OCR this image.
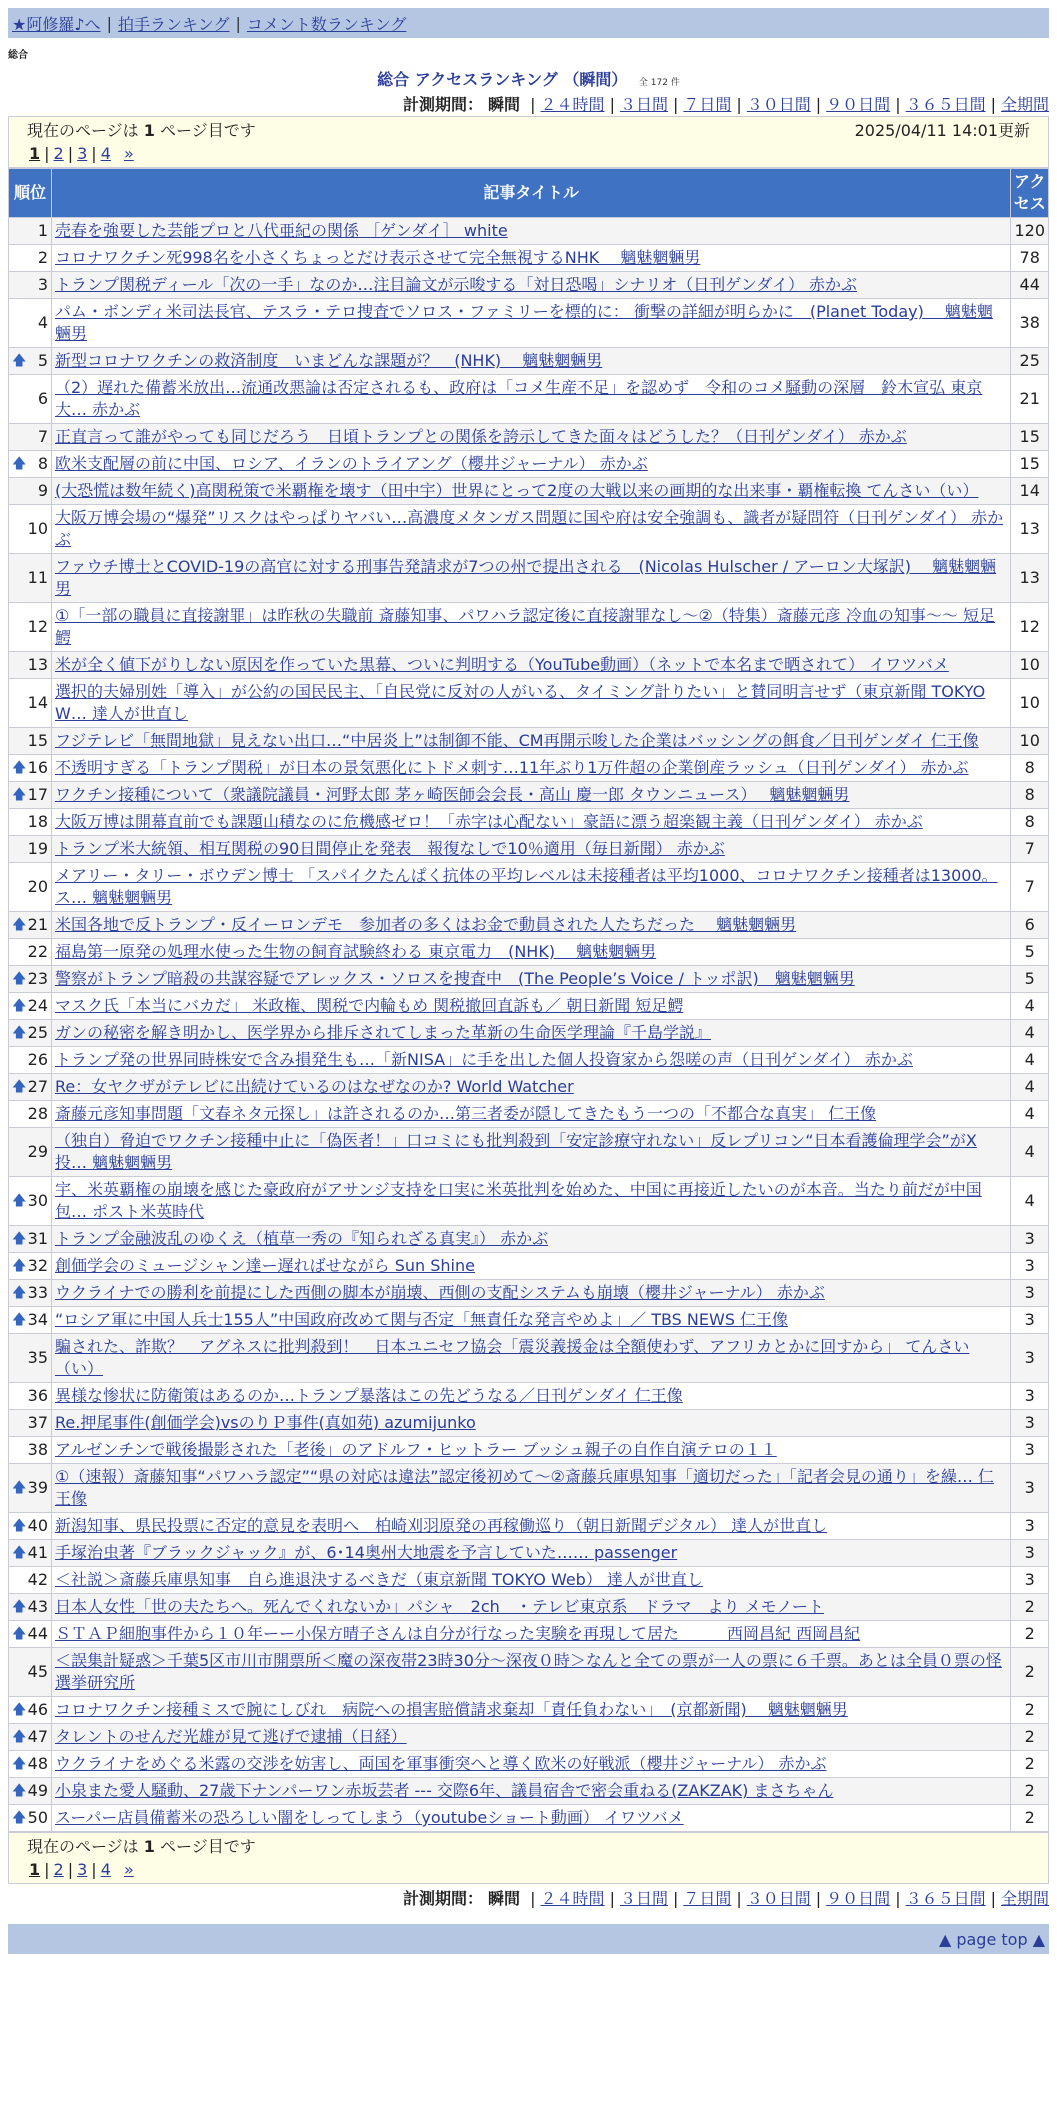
★阿修羅♪へ | 拍手ランキング | コメント数ランキング
総合
総合 アクセスランキング （瞬間） 全 172 件
計測期間： 瞬間 | ２４時間 | ３日間 | ７日間 | ３０日間 | ９０日間 | ３６５日間 | 全期間
現在のページは 1 ページ目です	2025/04/11 14:01更新
1 | 2 | 3 | 4 »
順位	記事タイトル	アクセス
1	売春を強要した芸能プロと八代亜紀の関係 ［ゲンダイ］ white	120
2	コロナワクチン死998名を小さくちょっとだけ表示させて完全無視するNHK　 魑魅魍魎男	78
3	トランプ関税ディール「次の一手」なのか…注目論文が示唆する「対日恐喝」シナリオ（日刊ゲンダイ） 赤かぶ	44
4	パム・ボンディ米司法長官、テスラ・テロ捜査でソロス・ファミリーを標的に： 衝撃の詳細が明らかに　(Planet Today)　 魑魅魍魎男	38

🡅 5	新型コロナワクチンの救済制度　いまどんな課題が？　(NHK)　 魑魅魍魎男	25
6	（2）遅れた備蓄米放出…流通改悪論は否定されるも、政府は「コメ生産不足」を認めず　令和のコメ騒動の深層　鈴木宣弘 東京大… 赤かぶ	21
7	正直言って誰がやっても同じだろう　日頃トランプとの関係を誇示してきた面々はどうした？（日刊ゲンダイ） 赤かぶ	15

🡅 8	欧米支配層の前に中国、ロシア、イランのトライアング（櫻井ジャーナル） 赤かぶ	15
9	(大恐慌は数年続く)高関税策で米覇権を壊す（田中宇）世界にとって2度の大戦以来の画期的な出来事・覇権転換 てんさい（い）	14
10	大阪万博会場の“爆発”リスクはやっぱりヤバい…高濃度メタンガス問題に国や府は安全強調も、識者が疑問符（日刊ゲンダイ） 赤かぶ	13
11	ファウチ博士とCOVID-19の高官に対する刑事告発請求が7つの州で提出される　(Nicolas Hulscher / アーロン大塚訳)　 魑魅魍魎男	13
12	①「一部の職員に直接謝罪」は昨秋の失職前 斎藤知事、パワハラ認定後に直接謝罪なし～②（特集）斎藤元彦 冷血の知事～～ 短足鰐	12
13	米が全く値下がりしない原因を作っていた黒幕、ついに判明する（YouTube動画）（ネットで本名まで晒されて） イワツバメ	10
14	選択的夫婦別姓「導入」が公約の国民民主、「自民党に反対の人がいる、タイミング計りたい」と賛同明言せず（東京新聞 TOKYO W… 達人が世直し	10
15	フジテレビ「無間地獄」見えない出口…“中居炎上”は制御不能、CM再開示唆した企業はバッシングの餌食／日刊ゲンダイ 仁王像	10

🡅 16	不透明すぎる「トランプ関税」が日本の景気悪化にトドメ刺す…11年ぶり1万件超の企業倒産ラッシュ（日刊ゲンダイ） 赤かぶ	8

🡅 17	ワクチン接種について（衆議院議員・河野太郎 茅ヶ崎医師会会長・高山 慶一郎 タウンニュース）　 魑魅魍魎男	8
18	大阪万博は開幕直前でも課題山積なのに危機感ゼロ！「赤字は心配ない」豪語に漂う超楽観主義（日刊ゲンダイ） 赤かぶ	8
19	トランプ米大統領、相互関税の90日間停止を発表　報復なしで10％適用（毎日新聞） 赤かぶ	7
20	メアリー・タリー・ボウデン博士 「スパイクたんぱく抗体の平均レベルは未接種者は平均1000、コロナワクチン接種者は13000。ス… 魑魅魍魎男	7

🡅 21	米国各地で反トランプ・反イーロンデモ　参加者の多くはお金で動員された人たちだった　 魑魅魍魎男	6
22	福島第一原発の処理水使った生物の飼育試験終わる 東京電力　(NHK)　 魑魅魍魎男	5

🡅 23	警察がトランプ暗殺の共謀容疑でアレックス・ソロスを捜査中　(The People’s Voice / トッポ訳)　魑魅魍魎男	5

🡅 24	マスク氏「本当にバカだ」 米政権、関税で内輪もめ 関税撤回直訴も／ 朝日新聞 短足鰐	4

🡅 25	ガンの秘密を解き明かし、医学界から排斥されてしまった革新の生命医学理論『千島学説』	4
26	トランプ発の世界同時株安で含み損発生も…「新NISA」に手を出した個人投資家から怨嗟の声（日刊ゲンダイ） 赤かぶ	4

🡅 27	Re：女ヤクザがテレビに出続けているのはなぜなのか? World Watcher	4
28	斎藤元彦知事問題「文春ネタ元探し」は許されるのか…第三者委が隠してきたもう一つの「不都合な真実」 仁王像	4
29	（独自）脅迫でワクチン接種中止に「偽医者！」口コミにも批判殺到「安定診療守れない」反レプリコン“日本看護倫理学会”がX投… 魑魅魍魎男	4

🡅 30	宇、米英覇権の崩壊を感じた豪政府がアサンジ支持を口実に米英批判を始めた、中国に再接近したいのが本音。当たり前だが中国包… ポスト米英時代	4

🡅 31	トランプ金融波乱のゆくえ（植草一秀の『知られざる真実』） 赤かぶ	3

🡅 32	創価学会のミュージシャン達ー遅ればせながら Sun Shine	3

🡅 33	ウクライナでの勝利を前提にした西側の脚本が崩壊、西側の支配システムも崩壊（櫻井ジャーナル） 赤かぶ	3

🡅 34	“ロシア軍に中国人兵士155人”中国政府改めて関与否定「無責任な発言やめよ」／ TBS NEWS 仁王像	3
35	騙された、詐欺？　アグネスに批判殺到！　日本ユニセフ協会「震災義援金は全額使わず、アフリカとかに回すから」 てんさい（い）	3
36	異様な惨状に防衛策はあるのか…トランプ暴落はこの先どうなる／日刊ゲンダイ 仁王像	3
37	Re.押尾事件(創価学会)vsのりＰ事件(真如苑) azumijunko	3
38	アルゼンチンで戦後撮影された「老後」のアドルフ・ヒットラー ブッシュ親子の自作自演テロの１１	3

🡅 39	①（速報）斎藤知事“パワハラ認定”“県の対応は違法”認定後初めて～②斎藤兵庫県知事「適切だった」「記者会見の通り」を繰… 仁王像	3

🡅 40	新潟知事、県民投票に否定的意見を表明へ　柏崎刈羽原発の再稼働巡り（朝日新聞デジタル） 達人が世直し	3

🡅 41	手塚治虫著『ブラックジャック』が、6･14奥州大地震を予言していた…… passenger	3
42	＜社説＞斎藤兵庫県知事　自ら進退決するべきだ（東京新聞 TOKYO Web） 達人が世直し	3

🡅 43	日本人女性「世の夫たちへ。死んでくれないか」パシャ　2ch　・テレビ東京系　ドラマ　より メモノート	2

🡅 44	ＳＴＡＰ細胞事件から１０年ーー小保方晴子さんは自分が行なった実験を再現して居た　　　西岡昌紀 西岡昌紀	2
45	＜誤集計疑惑＞千葉5区市川市開票所＜魔の深夜帯23時30分～深夜０時＞なんと全ての票が一人の票に６千票。あとは全員０票の怪 選挙研究所	2

🡅 46	コロナワクチン接種ミスで腕にしびれ　病院への損害賠償請求棄却「責任負わない」　(京都新聞)　 魑魅魍魎男	2

🡅 47	タレントのせんだ光雄が見て逃げで逮捕（日経）	2

🡅 48	ウクライナをめぐる米露の交渉を妨害し、両国を軍事衝突へと導く欧米の好戦派（櫻井ジャーナル） 赤かぶ	2

🡅 49	小泉また愛人騒動、27歳下ナンパーワン赤坂芸者 --- 交際6年、議員宿舎で密会重ねる(ZAKZAK) まさちゃん	2

🡅 50	スーパー店員備蓄米の恐ろしい闇をしってしまう（youtubeショート動画） イワツバメ	2
現在のページは 1 ページ目です
1 | 2 | 3 | 4 »
計測期間： 瞬間 | ２４時間 | ３日間 | ７日間 | ３０日間 | ９０日間 | ３６５日間 | 全期間
▲ page top ▲
